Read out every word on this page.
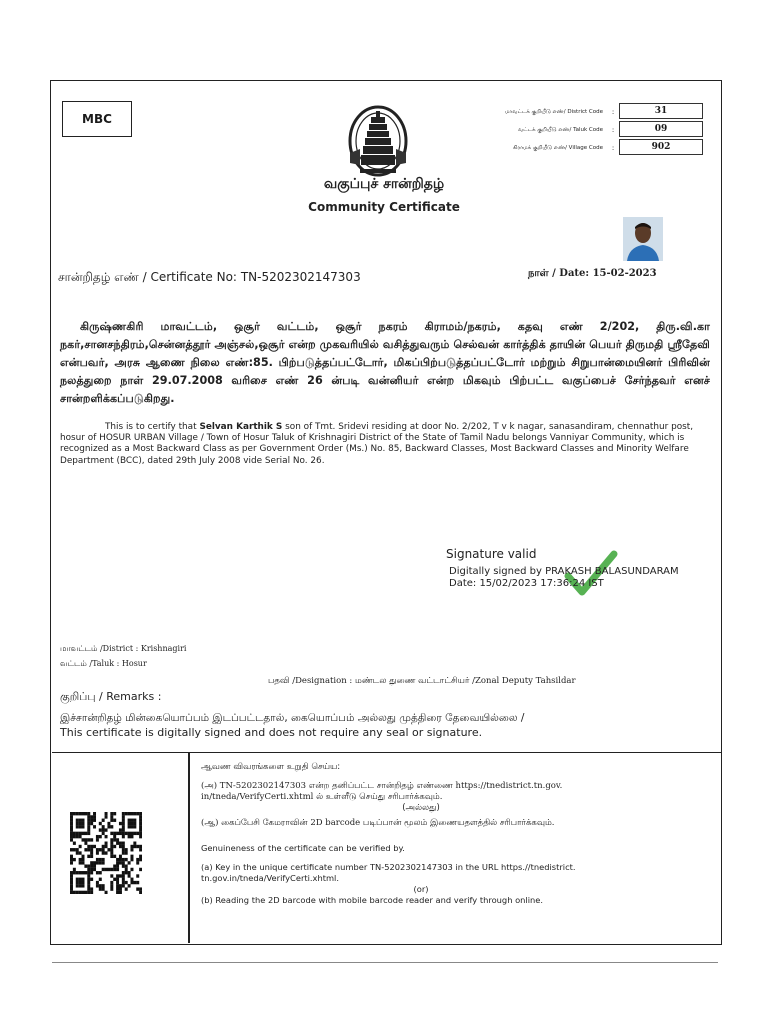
MBC
மாவட்டக் குறியீடு எண்/ District Code	:	31
வட்டக் குறியீடு எண்/ Taluk Code	:	09
கிராமக் குறியீடு எண்/ Village Code	:	902
வகுப்புச் சான்றிதழ்
Community Certificate
சான்றிதழ் எண் / Certificate No: TN-5202302147303	நாள் / Date: 15-02-2023
கிருஷ்ணகிரி மாவட்டம், ஒசூர் வட்டம், ஒசூர் நகரம் கிராமம்/நகரம், கதவு எண் 2/202, திரு.வி.கா நகர்,சானசந்திரம்,சென்னத்தூர் அஞ்சல்,ஒசூர் என்ற முகவரியில் வசித்துவரும் செல்வன் கார்த்திக் தாயின் பெயர் திருமதி ஸ்ரீதேவி என்பவர், அரசு ஆணை நிலை எண்:85. பிற்படுத்தப்பட்டோர், மிகப்பிற்படுத்தப்பட்டோர் மற்றும் சிறுபான்மையினர் பிரிவின் நலத்துறை நாள் 29.07.2008 வரிசை எண் 26 ன்படி வன்னியர் என்ற மிகவும் பிற்பட்ட வகுப்பைச் சேர்ந்தவர் எனச் சான்றளிக்கப்படுகிறது.
This is to certify that Selvan Karthik S son of Tmt. Sridevi residing at door No. 2/202, T v k nagar, sanasandiram, chennathur post, hosur of HOSUR URBAN Village / Town of Hosur Taluk of Krishnagiri District of the State of Tamil Nadu belongs Vanniyar Community, which is recognized as a Most Backward Class as per Government Order (Ms.) No. 85, Backward Classes, Most Backward Classes and Minority Welfare Department (BCC), dated 29th July 2008 vide Serial No. 26.
Signature valid
Digitally signed by PRAKASH BALASUNDARAM
Date: 15/02/2023 17:36:24 IST
மாவட்டம் /District : Krishnagiri
வட்டம் /Taluk : Hosur
பதவி /Designation : மண்டல துணை வட்டாட்சியர் /Zonal Deputy Tahsildar
குறிப்பு / Remarks :
இச்சான்றிதழ் மின்கையொப்பம் இடப்பட்டதால், கையொப்பம் அல்லது முத்திரை தேவையில்லை /
This certificate is digitally signed and does not require any seal or signature.
ஆவண விவரங்களை உறுதி செய்ய:
(அ) TN-5202302147303 என்ற தனிப்பட்ட சான்றிதழ் எண்ணை https://tnedistrict.tn.gov.
in/tneda/VerifyCerti.xhtml ல் உள்ளீடு செய்து சரிபார்க்கவும்.
(அல்லது)
(ஆ) கைப்பேசி கேமராவின் 2D barcode படிப்பான் மூலம் இணையதளத்தில் சரிபார்க்கவும்.
Genuineness of the certificate can be verified by.
(a) Key in the unique certificate number TN-5202302147303 in the URL https.//tnedistrict.
tn.gov.in/tneda/VerifyCerti.xhtml.
(or)
(b) Reading the 2D barcode with mobile barcode reader and verify through online.
